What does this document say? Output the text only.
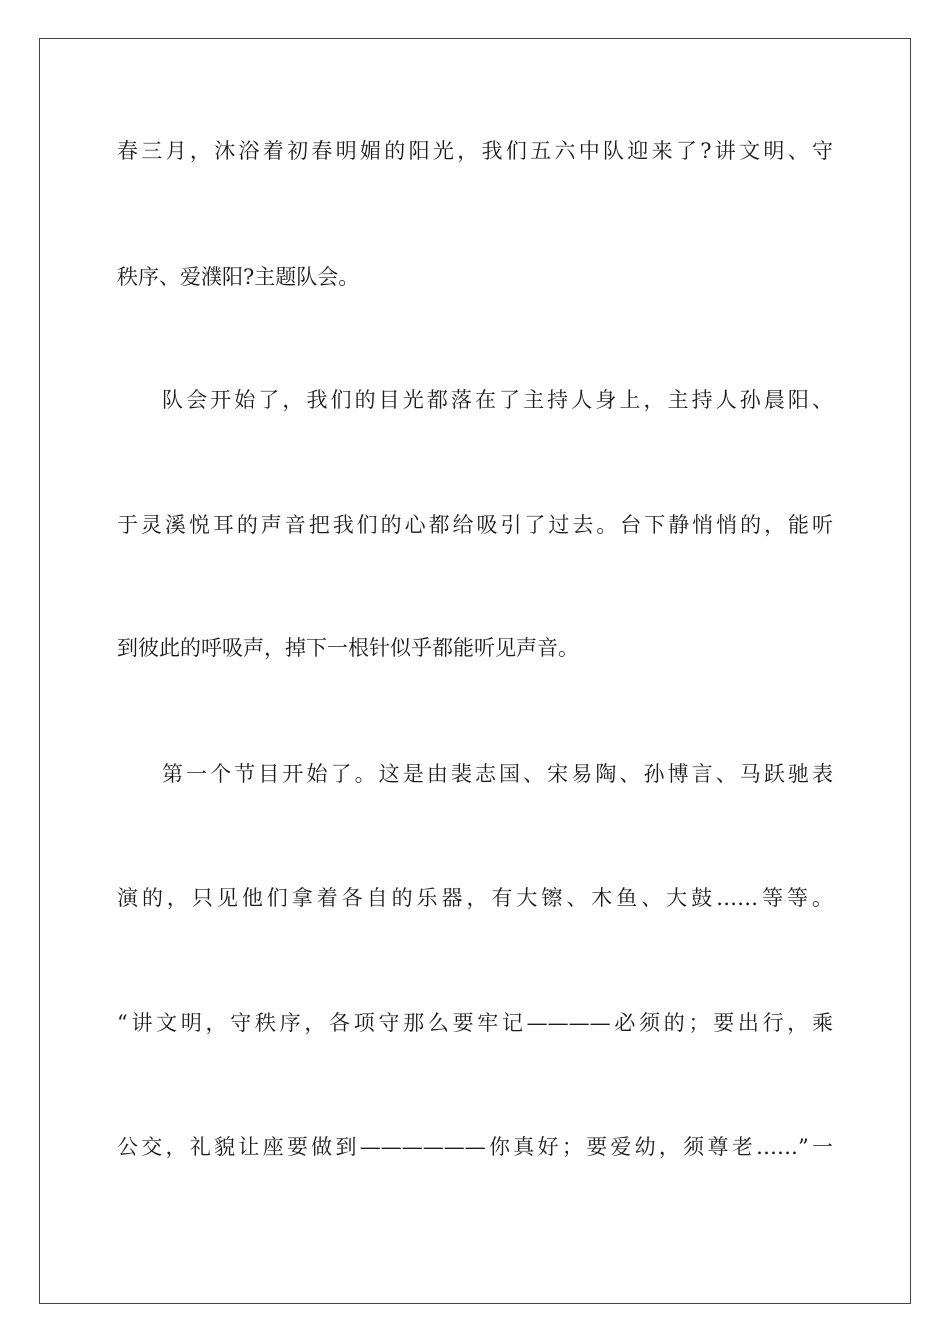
春三月，沐浴着初春明媚的阳光，我们五六中队迎来了?讲文明、守
秩序、爱濮阳?主题队会。
队会开始了，我们的目光都落在了主持人身上，主持人孙晨阳、
于灵溪悦耳的声音把我们的心都给吸引了过去。台下静悄悄的，能听
到彼此的呼吸声，掉下一根针似乎都能听见声音。
第一个节目开始了。这是由裴志国、宋易陶、孙博言、马跃驰表
演的，只见他们拿着各自的乐器，有大镲、木鱼、大鼓……等等。
“讲文明，守秩序，各项守那么要牢记————必须的；要出行，乘
公交，礼貌让座要做到——————你真好；要爱幼，须尊老……”一
